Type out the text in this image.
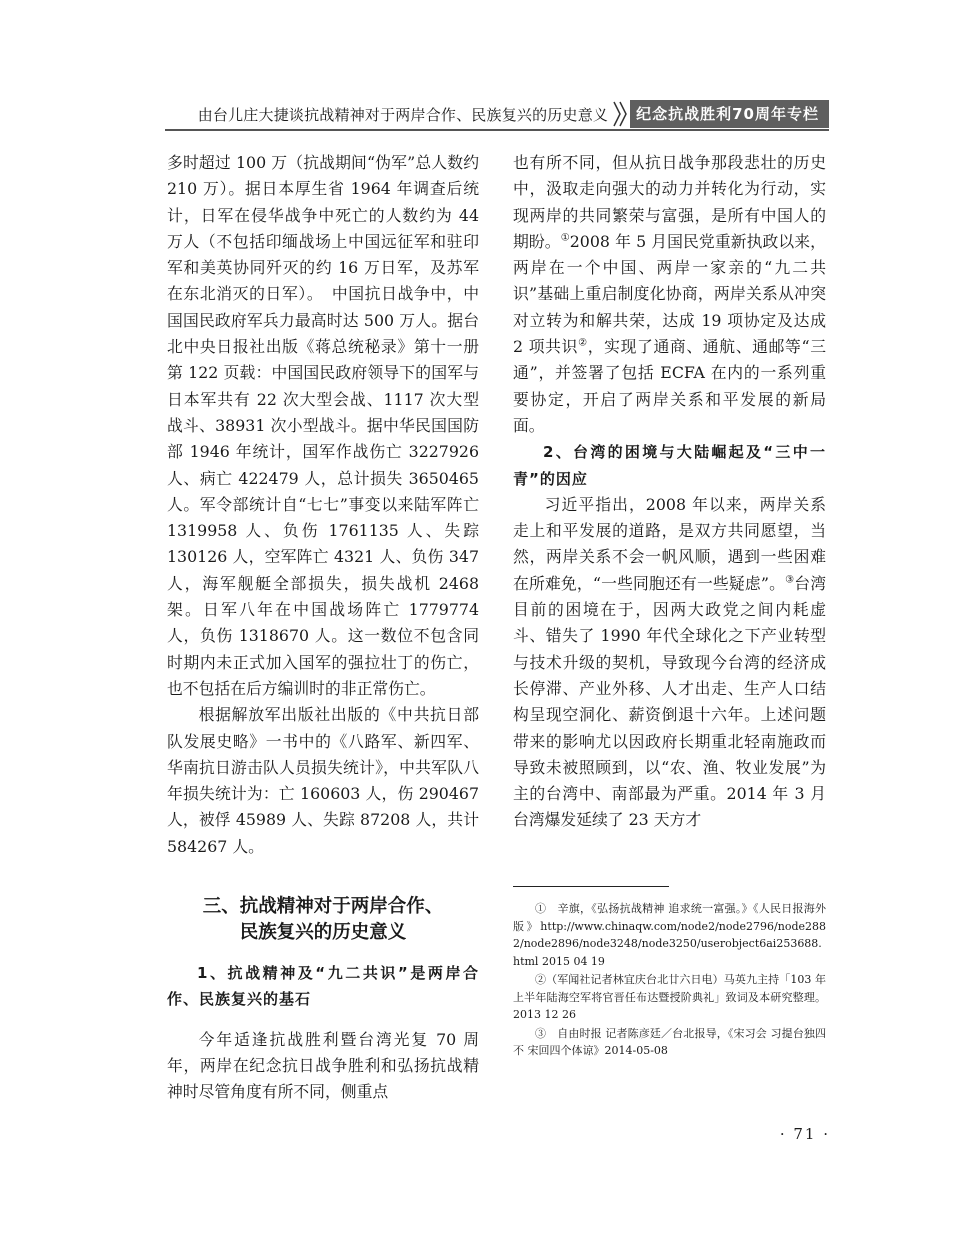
由台儿庄大捷谈抗战精神对于两岸合作、民族复兴的历史意义	纪念抗战胜利70周年专栏

多时超过 100 万（抗战期间“伪军”总人数约 210 万）。据日本厚生省 1964 年调查后统计，日军在侵华战争中死亡的人数约为 44 万人（不包括印缅战场上中国远征军和驻印军和美英协同歼灭的约 16 万日军，及苏军在东北消灭的日军）。　中国抗日战争中，中国国民政府军兵力最高时达 500 万人。据台北中央日报社出版《蒋总统秘录》第十一册第 122 页载：中国国民政府领导下的国军与日本军共有 22 次大型会战、1117 次大型战斗、38931 次小型战斗。据中华民国国防部 1946 年统计，国军作战伤亡 3227926 人、病亡 422479 人，总计损失 3650465 人。军令部统计自“七七”事变以来陆军阵亡 1319958 人、负伤 1761135 人、失踪 130126 人，空军阵亡 4321 人、负伤 347 人，海军舰艇全部损失，损失战机 2468 架。日军八年在中国战场阵亡 1779774 人，负伤 1318670 人。这一数位不包含同时期内未正式加入国军的强拉壮丁的伤亡，也不包括在后方编训时的非正常伤亡。

根据解放军出版社出版的《中共抗日部队发展史略》一书中的《八路军、新四军、华南抗日游击队人员损失统计》，中共军队八年损失统计为：亡 160603 人，伤 290467 人，被俘 45989 人、失踪 87208 人，共计 584267 人。

三、抗战精神对于两岸合作、
民族复兴的历史意义

1、抗战精神及“九二共识”是两岸合作、民族复兴的基石

今年适逢抗战胜利暨台湾光复 70 周年，两岸在纪念抗日战争胜利和弘扬抗战精神时尽管角度有所不同，侧重点

也有所不同，但从抗日战争那段悲壮的历史中，汲取走向强大的动力并转化为行动，实现两岸的共同繁荣与富强，是所有中国人的期盼。①2008 年 5 月国民党重新执政以来，两岸在一个中国、两岸一家亲的“九二共识”基础上重启制度化协商，两岸关系从冲突对立转为和解共荣，达成 19 项协定及达成 2 项共识②，实现了通商、通航、通邮等“三通”，并签署了包括 ECFA 在内的一系列重要协定，开启了两岸关系和平发展的新局面。

2、台湾的困境与大陆崛起及“三中一青”的因应

习近平指出，2008 年以来，两岸关系走上和平发展的道路，是双方共同愿望，当然，两岸关系不会一帆风顺，遇到一些困难在所难免，“一些同胞还有一些疑虑”。③台湾目前的困境在于，因两大政党之间内耗虚斗、错失了 1990 年代全球化之下产业转型与技术升级的契机，导致现今台湾的经济成长停滞、产业外移、人才出走、生产人口结构呈现空洞化、薪资倒退十六年。上述问题带来的影响尤以因政府长期重北轻南施政而导致未被照顾到，以“农、渔、牧业发展”为主的台湾中、南部最为严重。2014 年 3 月台湾爆发延续了 23 天方才

①　辛旗，《弘扬抗战精神 追求统一富强。》《人民日报海外版》http://www.chinaqw.com/node2/node2796/node2882/node2896/node3248/node3250/userobject6ai253688.html 2015 04 19

②（军闻社记者林宜庆台北廿六日电）马英九主持「103 年上半年陆海空军将官晋任布达暨授阶典礼」致词及本研究整理。2013 12 26

③　自由时报 记者陈彦廷／台北报导，《宋习会 习提台独四不 宋回四个体谅》2014-05-08

· 71 ·
